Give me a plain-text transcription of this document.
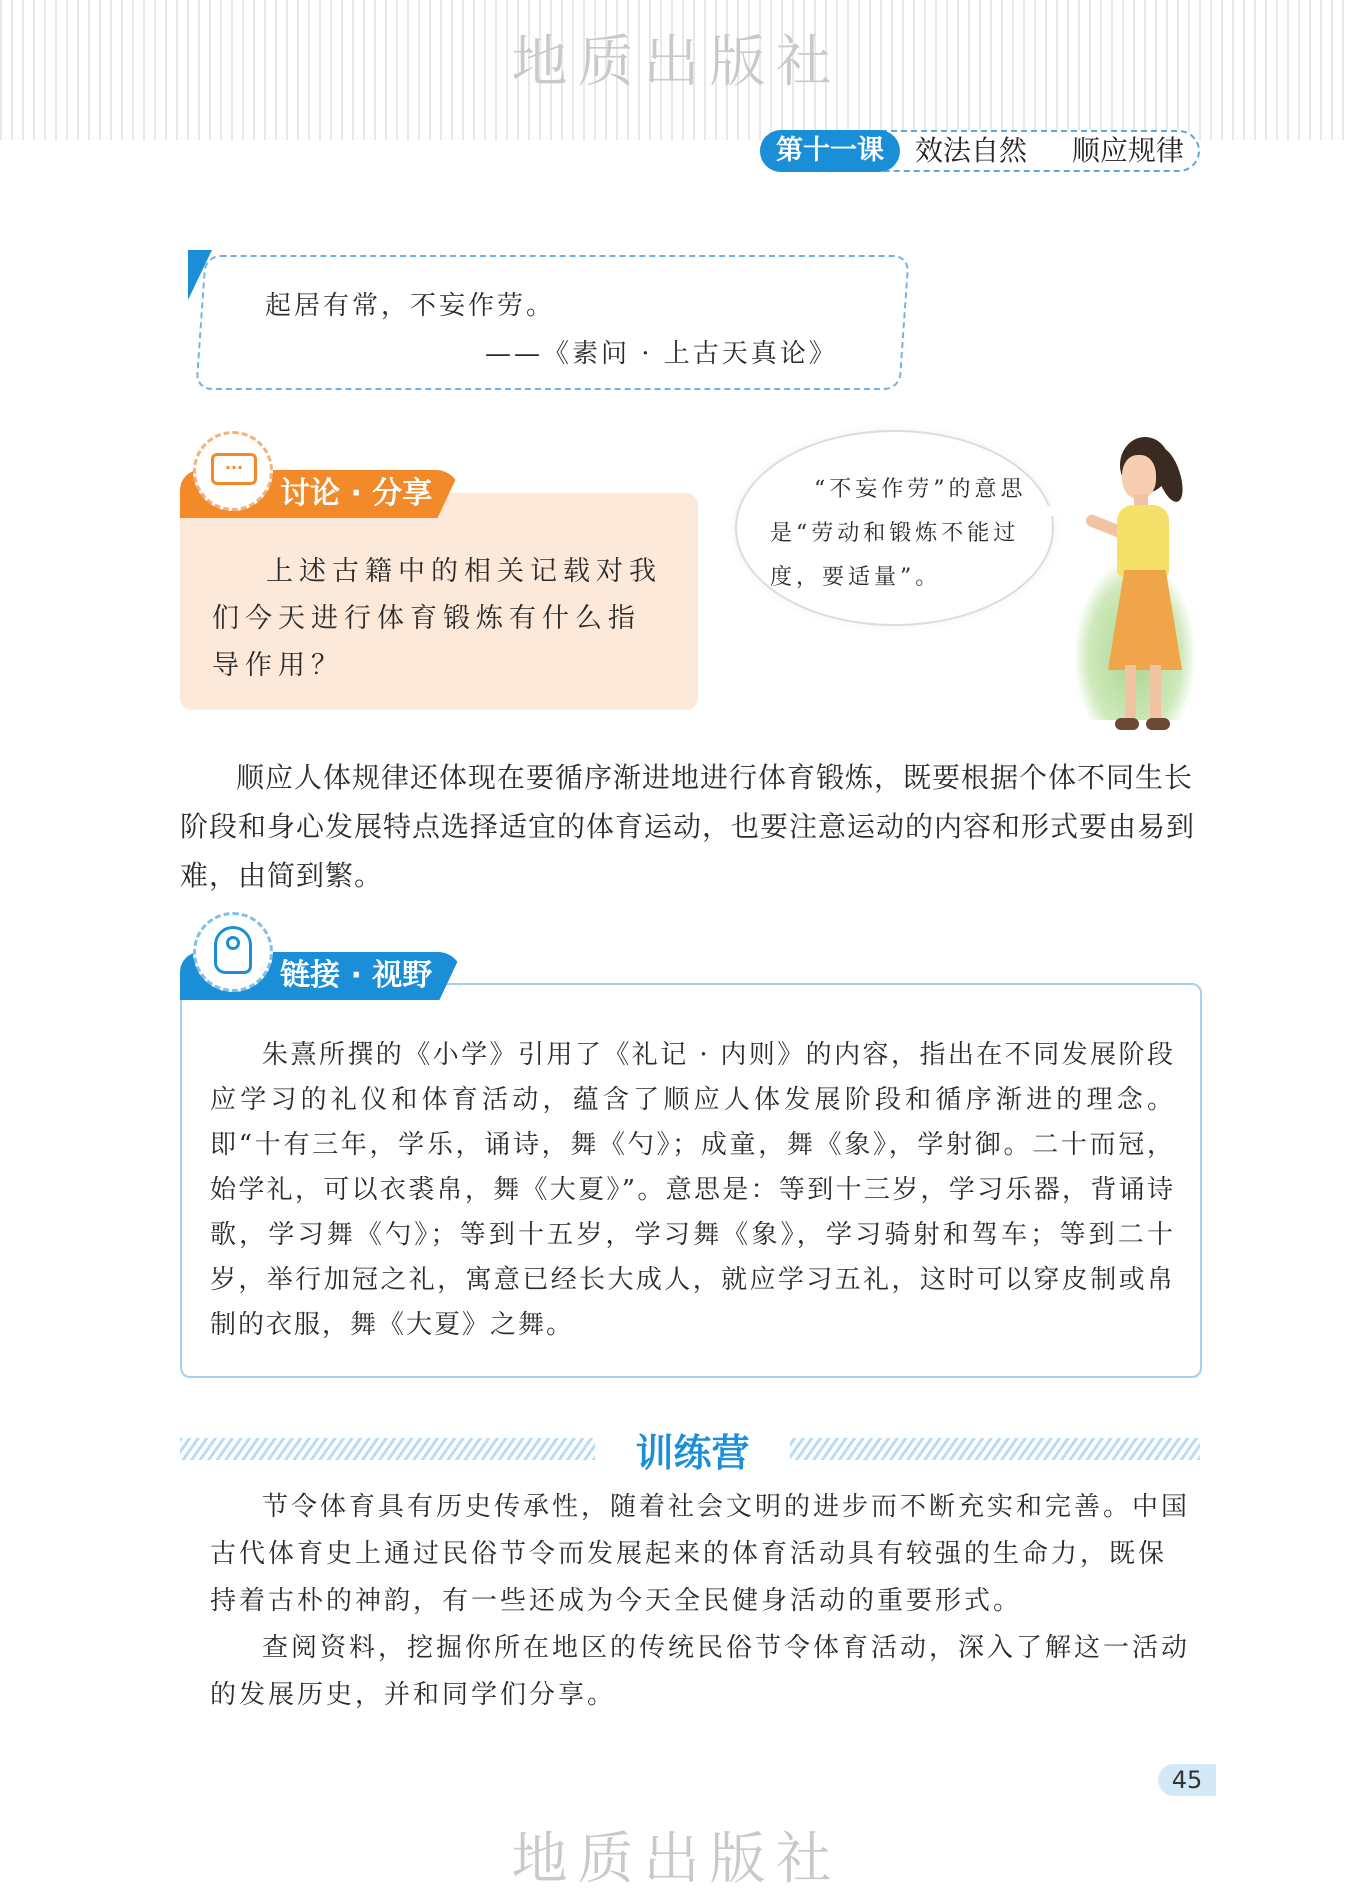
地质出版社
第十一课	效法自然 顺应规律
起居有常，不妄作劳。
——《素问 · 上古天真论》
···
讨论 · 分享
上述古籍中的相关记载对我们今天进行体育锻炼有什么指导作用？
“不妄作劳”的意思是“劳动和锻炼不能过度，要适量”。
顺应人体规律还体现在要循序渐进地进行体育锻炼，既要根据个体不同生长阶段和身心发展特点选择适宜的体育运动，也要注意运动的内容和形式要由易到难，由简到繁。
链接 · 视野
朱熹所撰的《小学》引用了《礼记 · 内则》的内容，指出在不同发展阶段应学习的礼仪和体育活动，蕴含了顺应人体发展阶段和循序渐进的理念。即“十有三年，学乐，诵诗，舞《勺》；成童，舞《象》，学射御。二十而冠，始学礼，可以衣裘帛，舞《大夏》”。意思是：等到十三岁，学习乐器，背诵诗歌，学习舞《勺》；等到十五岁，学习舞《象》，学习骑射和驾车；等到二十岁，举行加冠之礼，寓意已经长大成人，就应学习五礼，这时可以穿皮制或帛制的衣服，舞《大夏》之舞。
训练营
节令体育具有历史传承性，随着社会文明的进步而不断充实和完善。中国古代体育史上通过民俗节令而发展起来的体育活动具有较强的生命力，既保持着古朴的神韵，有一些还成为今天全民健身活动的重要形式。
查阅资料，挖掘你所在地区的传统民俗节令体育活动，深入了解这一活动的发展历史，并和同学们分享。
45
地质出版社
